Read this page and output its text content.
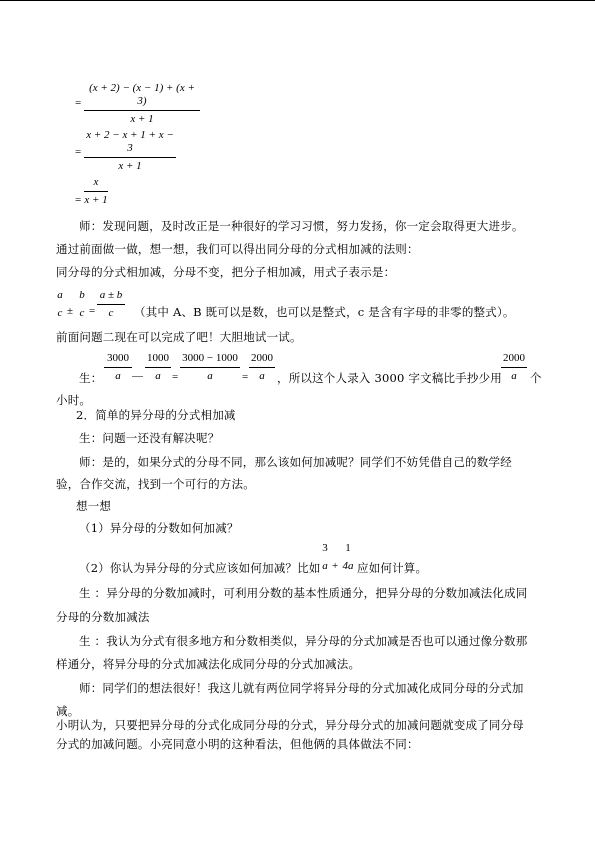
(x + 2) − (x − 1) + (x + 3)
x + 1
=
x + 2 − x + 1 + x − 3
x + 1
=
x
x + 1
=
师：发现问题，及时改正是一种很好的学习习惯，努力发扬，你一定会取得更大进步。
通过前面做一做，想一想，我们可以得出同分母的分式相加减的法则：
同分母的分式相加减，分母不变，把分子相加减，用式子表示是：
a
c ±
b
c =
a ± b
c	（其中 A、B 既可以是数，也可以是整式，c 是含有字母的非零的整式）。
前面问题二现在可以完成了吧！大胆地试一试。
生：
3000
a	—
1000
a	=
3000 − 1000
a	=
2000
a	，所以这个人录入 3000 字文稿比手抄少用
2000
a	个
小时。
2．简单的异分母的分式相加减
生：问题一还没有解决呢？
师：是的，如果分式的分母不同，那么该如何加减呢？同学们不妨凭借自己的数学经
验，合作交流，找到一个可行的方法。
想一想
（1）异分母的分数如何加减？
（2）你认为异分母的分式应该如何加减？比如
3
a +
1
4a 应如何计算。
生 ：异分母的分数加减时，可利用分数的基本性质通分，把异分母的分数加减法化成同
分母的分数加减法
生 ：我认为分式有很多地方和分数相类似，异分母的分式加减是否也可以通过像分数那
样通分，将异分母的分式加减法化成同分母的分式加减法。
师：同学们的想法很好！我这儿就有两位同学将异分母的分式加减化成同分母的分式加
减。
小明认为，只要把异分母的分式化成同分母的分式，异分母分式的加减问题就变成了同分母
分式的加减问题。小亮同意小明的这种看法，但他俩的具体做法不同：
